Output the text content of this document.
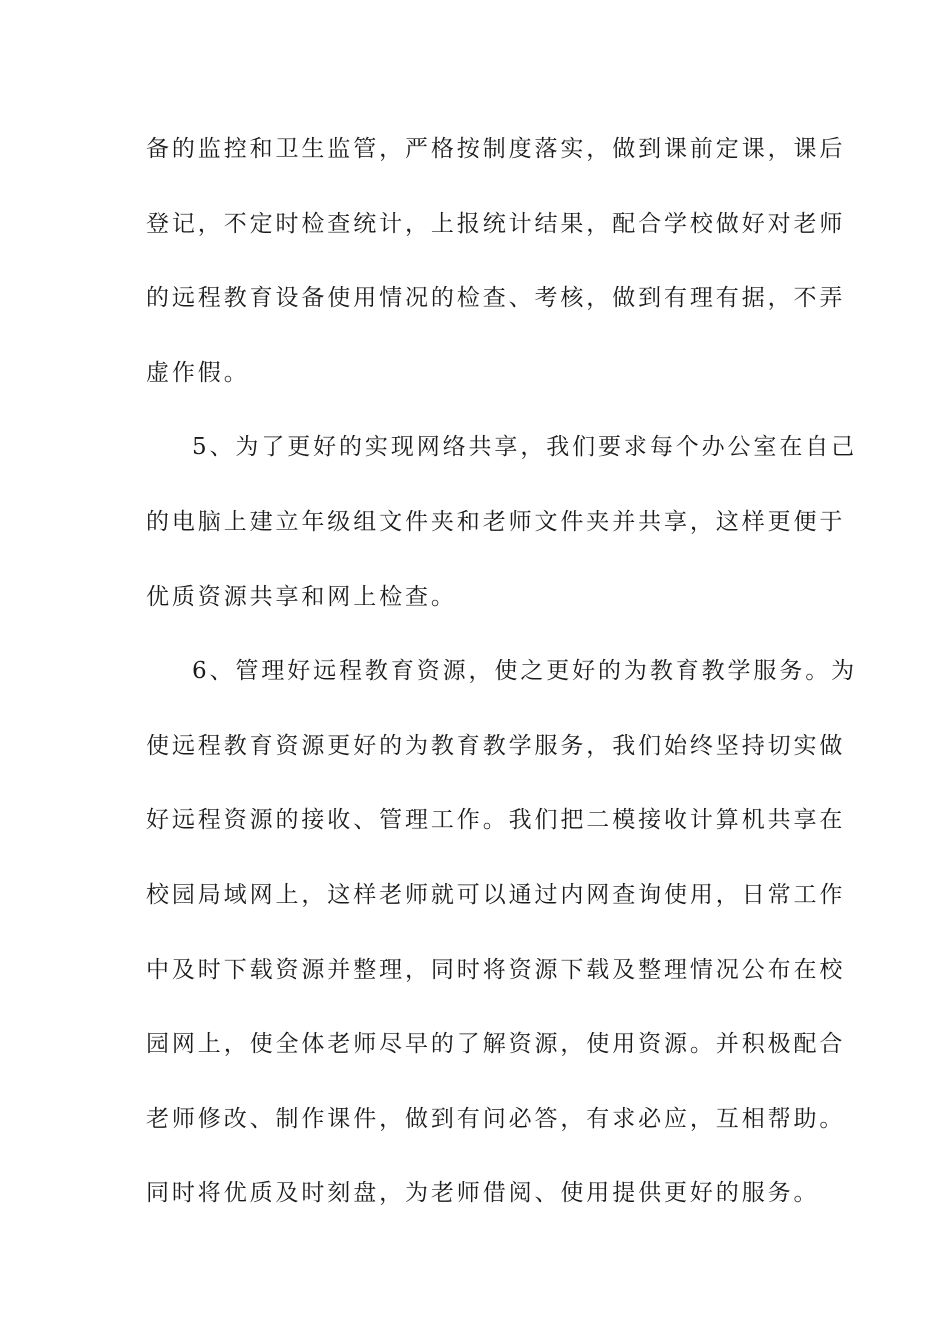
备的监控和卫生监管，严格按制度落实，做到课前定课，课后
登记，不定时检查统计，上报统计结果，配合学校做好对老师
的远程教育设备使用情况的检查、考核，做到有理有据，不弄
虚作假。
5、为了更好的实现网络共享，我们要求每个办公室在自己
的电脑上建立年级组文件夹和老师文件夹并共享，这样更便于
优质资源共享和网上检查。
6、管理好远程教育资源，使之更好的为教育教学服务。为
使远程教育资源更好的为教育教学服务，我们始终坚持切实做
好远程资源的接收、管理工作。我们把二模接收计算机共享在
校园局域网上，这样老师就可以通过内网查询使用，日常工作
中及时下载资源并整理，同时将资源下载及整理情况公布在校
园网上，使全体老师尽早的了解资源，使用资源。并积极配合
老师修改、制作课件，做到有问必答，有求必应，互相帮助。
同时将优质及时刻盘，为老师借阅、使用提供更好的服务。
